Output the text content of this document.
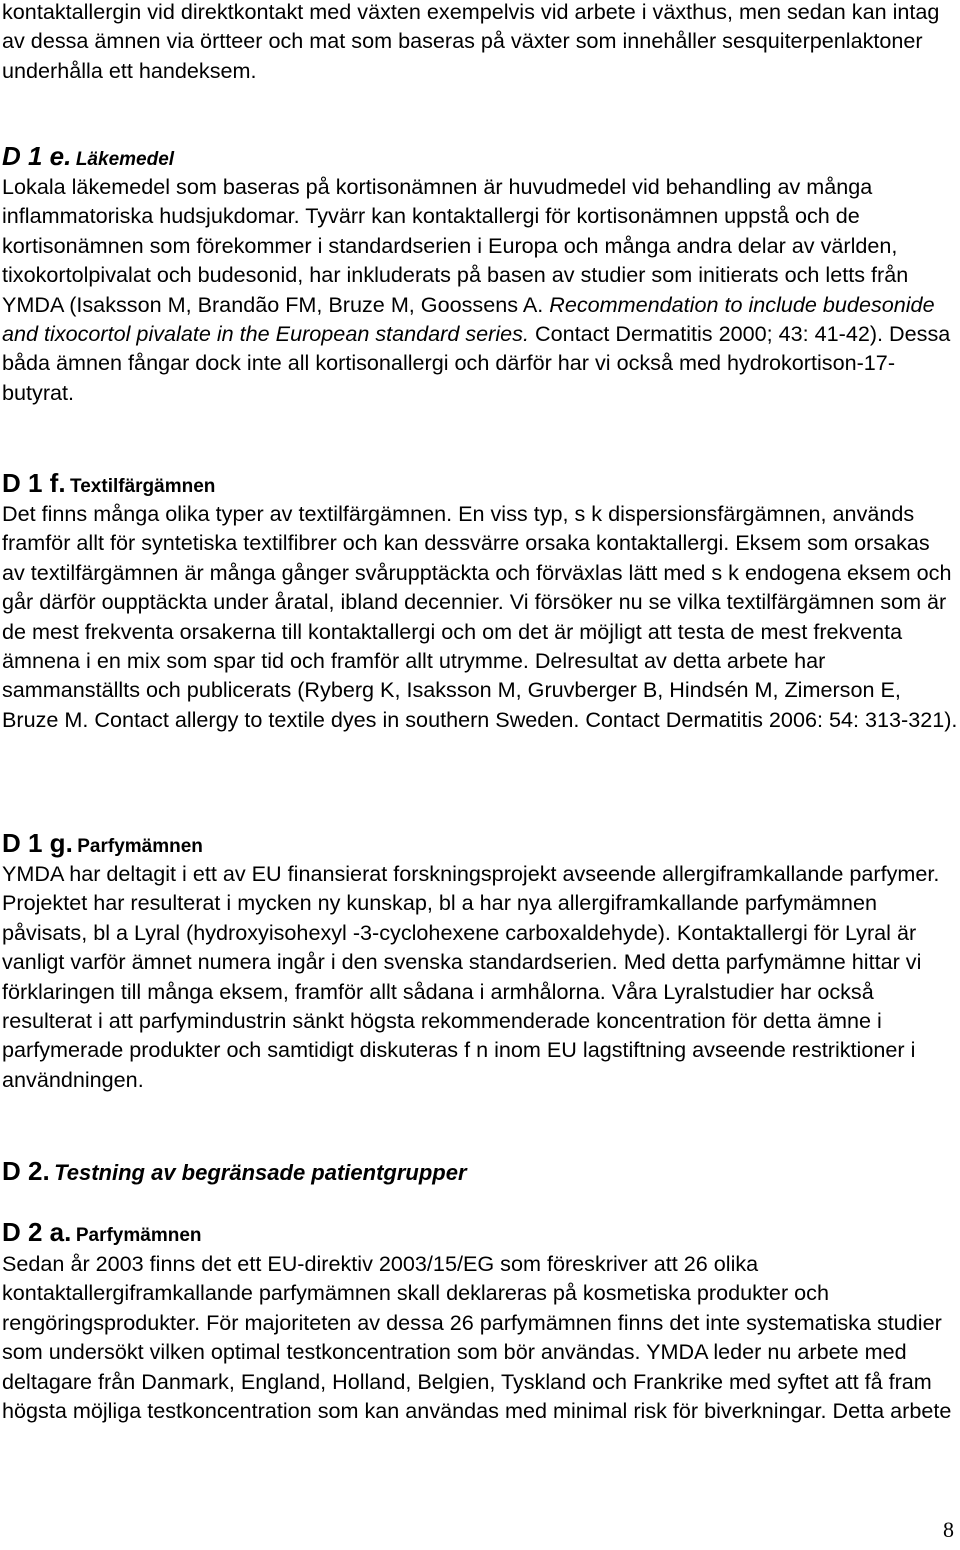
kontaktallergin vid direktkontakt med växten exempelvis vid arbete i växthus, men sedan kan intag av dessa ämnen via örtteer och mat som baseras på växter som innehåller sesquiterpenlaktoner underhålla ett handeksem.

D 1 e. Läkemedel

Lokala läkemedel som baseras på kortisonämnen är huvudmedel vid behandling av många inflammatoriska hudsjukdomar. Tyvärr kan kontaktallergi för kortisonämnen uppstå och de kortisonämnen som förekommer i standardserien i Europa och många andra delar av världen, tixokortolpivalat och budesonid, har inkluderats på basen av studier som initierats och letts från YMDA (Isaksson M, Brandão FM, Bruze M, Goossens A. Recommendation to include budesonide and tixocortol pivalate in the European standard series. Contact Dermatitis 2000; 43: 41-42). Dessa båda ämnen fångar dock inte all kortisonallergi och därför har vi också med hydrokortison-17-butyrat.

D 1 f. Textilfärgämnen

Det finns många olika typer av textilfärgämnen. En viss typ, s k dispersionsfärgämnen, används framför allt för syntetiska textilfibrer och kan dessvärre orsaka kontaktallergi. Eksem som orsakas av textilfärgämnen är många gånger svårupptäckta och förväxlas lätt med s k endogena eksem och går därför oupptäckta under åratal, ibland decennier. Vi försöker nu se vilka textilfärgämnen som är de mest frekventa orsakerna till kontaktallergi och om det är möjligt att testa de mest frekventa ämnena i en mix som spar tid och framför allt utrymme. Delresultat av detta arbete har sammanställts och publicerats (Ryberg K, Isaksson M, Gruvberger B, Hindsén M, Zimerson E, Bruze M. Contact allergy to textile dyes in southern Sweden. Contact Dermatitis 2006: 54: 313-321).

D 1 g. Parfymämnen

YMDA har deltagit i ett av EU finansierat forskningsprojekt avseende allergiframkallande parfymer. Projektet har resulterat i mycken ny kunskap, bl a har nya allergiframkallande parfymämnen påvisats, bl a Lyral (hydroxyisohexyl -3-cyclohexene carboxaldehyde). Kontaktallergi för Lyral är vanligt varför ämnet numera ingår i den svenska standardserien. Med detta parfymämne hittar vi förklaringen till många eksem, framför allt sådana i armhålorna. Våra Lyralstudier har också resulterat i att parfymindustrin sänkt högsta rekommenderade koncentration för detta ämne i parfymerade produkter och samtidigt diskuteras f n inom EU lagstiftning avseende restriktioner i användningen.

D 2. Testning av begränsade patientgrupper
D 2 a. Parfymämnen

Sedan år 2003 finns det ett EU-direktiv 2003/15/EG som föreskriver att 26 olika kontaktallergiframkallande parfymämnen skall deklareras på kosmetiska produkter och rengöringsprodukter. För majoriteten av dessa 26 parfymämnen finns det inte systematiska studier som undersökt vilken optimal testkoncentration som bör användas. YMDA leder nu arbete med deltagare från Danmark, England, Holland, Belgien, Tyskland och Frankrike med syftet att få fram högsta möjliga testkoncentration som kan användas med minimal risk för biverkningar. Detta arbete

8
